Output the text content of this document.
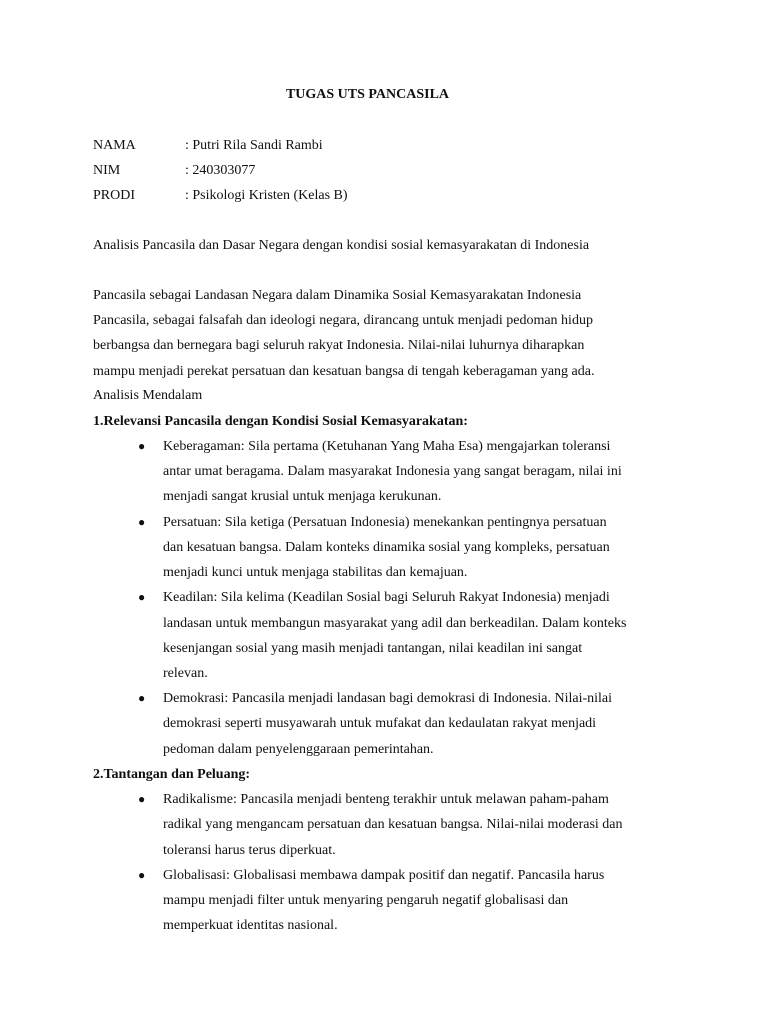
TUGAS UTS PANCASILA

NAMA	: Putri Rila Sandi Rambi

NIM	: 240303077

PRODI	: Psikologi Kristen (Kelas B)

Analisis Pancasila dan Dasar Negara dengan kondisi sosial kemasyarakatan di Indonesia

Pancasila sebagai Landasan Negara dalam Dinamika Sosial Kemasyarakatan Indonesia

Pancasila, sebagai falsafah dan ideologi negara, dirancang untuk menjadi pedoman hidup

berbangsa dan bernegara bagi seluruh rakyat Indonesia. Nilai-nilai luhurnya diharapkan

mampu menjadi perekat persatuan dan kesatuan bangsa di tengah keberagaman yang ada.

Analisis Mendalam

1.Relevansi Pancasila dengan Kondisi Sosial Kemasyarakatan:

● Keberagaman: Sila pertama (Ketuhanan Yang Maha Esa) mengajarkan toleransi

antar umat beragama. Dalam masyarakat Indonesia yang sangat beragam, nilai ini

menjadi sangat krusial untuk menjaga kerukunan.

● Persatuan: Sila ketiga (Persatuan Indonesia) menekankan pentingnya persatuan

dan kesatuan bangsa. Dalam konteks dinamika sosial yang kompleks, persatuan

menjadi kunci untuk menjaga stabilitas dan kemajuan.

● Keadilan: Sila kelima (Keadilan Sosial bagi Seluruh Rakyat Indonesia) menjadi

landasan untuk membangun masyarakat yang adil dan berkeadilan. Dalam konteks

kesenjangan sosial yang masih menjadi tantangan, nilai keadilan ini sangat

relevan.

● Demokrasi: Pancasila menjadi landasan bagi demokrasi di Indonesia. Nilai-nilai

demokrasi seperti musyawarah untuk mufakat dan kedaulatan rakyat menjadi

pedoman dalam penyelenggaraan pemerintahan.

2.Tantangan dan Peluang:

● Radikalisme: Pancasila menjadi benteng terakhir untuk melawan paham-paham

radikal yang mengancam persatuan dan kesatuan bangsa. Nilai-nilai moderasi dan

toleransi harus terus diperkuat.

● Globalisasi: Globalisasi membawa dampak positif dan negatif. Pancasila harus

mampu menjadi filter untuk menyaring pengaruh negatif globalisasi dan

memperkuat identitas nasional.
